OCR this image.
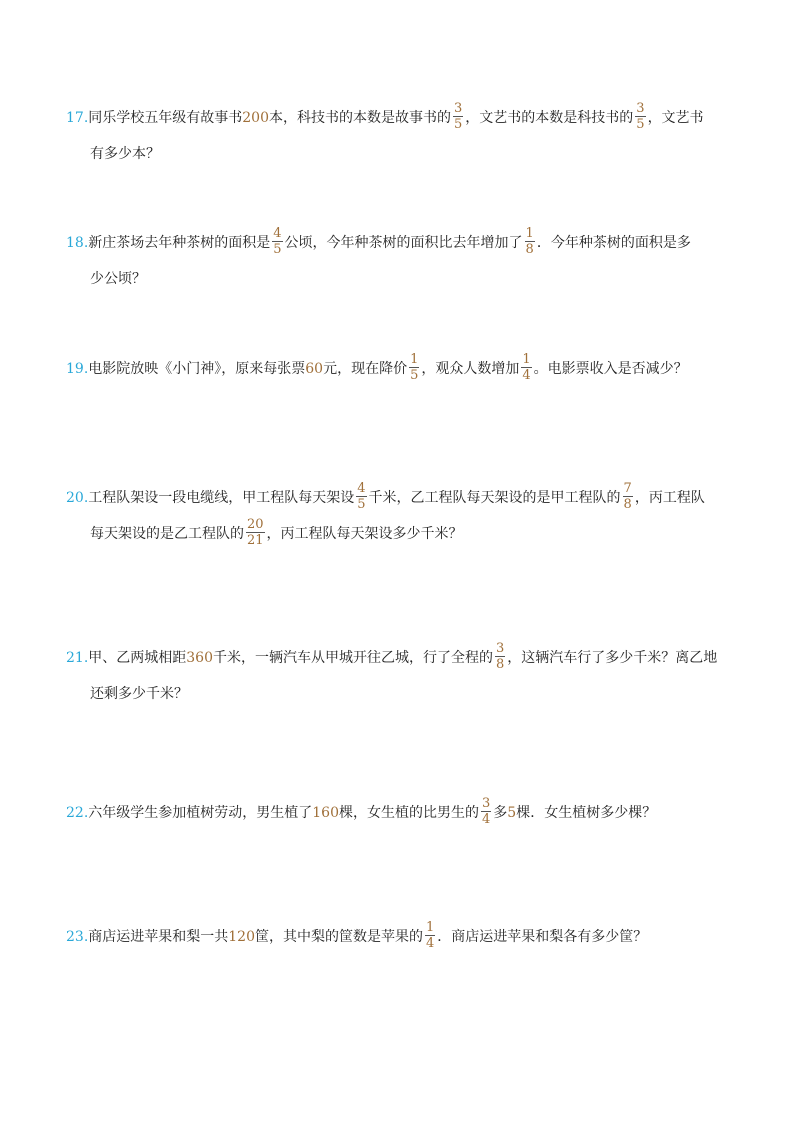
17.同乐学校五年级有故事书200本，科技书的本数是故事书的 $\frac{3}{5}$ ，文艺书的本数是科技书的 $\frac{3}{5}$ ，文艺书
有多少本？
18.新庄茶场去年种茶树的面积是 $\frac{4}{5}$ 公顷，今年种茶树的面积比去年增加了 $\frac{1}{8}$ ．今年种茶树的面积是多
少公顷？
19.电影院放映《小门神》，原来每张票60元，现在降价 $\frac{1}{5}$ ，观众人数增加 $\frac{1}{4}$ 。电影票收入是否减少？
20.工程队架设一段电缆线，甲工程队每天架设 $\frac{4}{5}$ 千米，乙工程队每天架设的是甲工程队的 $\frac{7}{8}$ ，丙工程队
每天架设的是乙工程队的 $\frac{20}{21}$ ，丙工程队每天架设多少千米？
21.甲、乙两城相距360千米，一辆汽车从甲城开往乙城，行了全程的 $\frac{3}{8}$ ，这辆汽车行了多少千米？离乙地
还剩多少千米？
22.六年级学生参加植树劳动，男生植了160棵，女生植的比男生的 $\frac{3}{4}$ 多5棵．女生植树多少棵？
23.商店运进苹果和梨一共120筐，其中梨的筐数是苹果的 $\frac{1}{4}$ ．商店运进苹果和梨各有多少筐？
